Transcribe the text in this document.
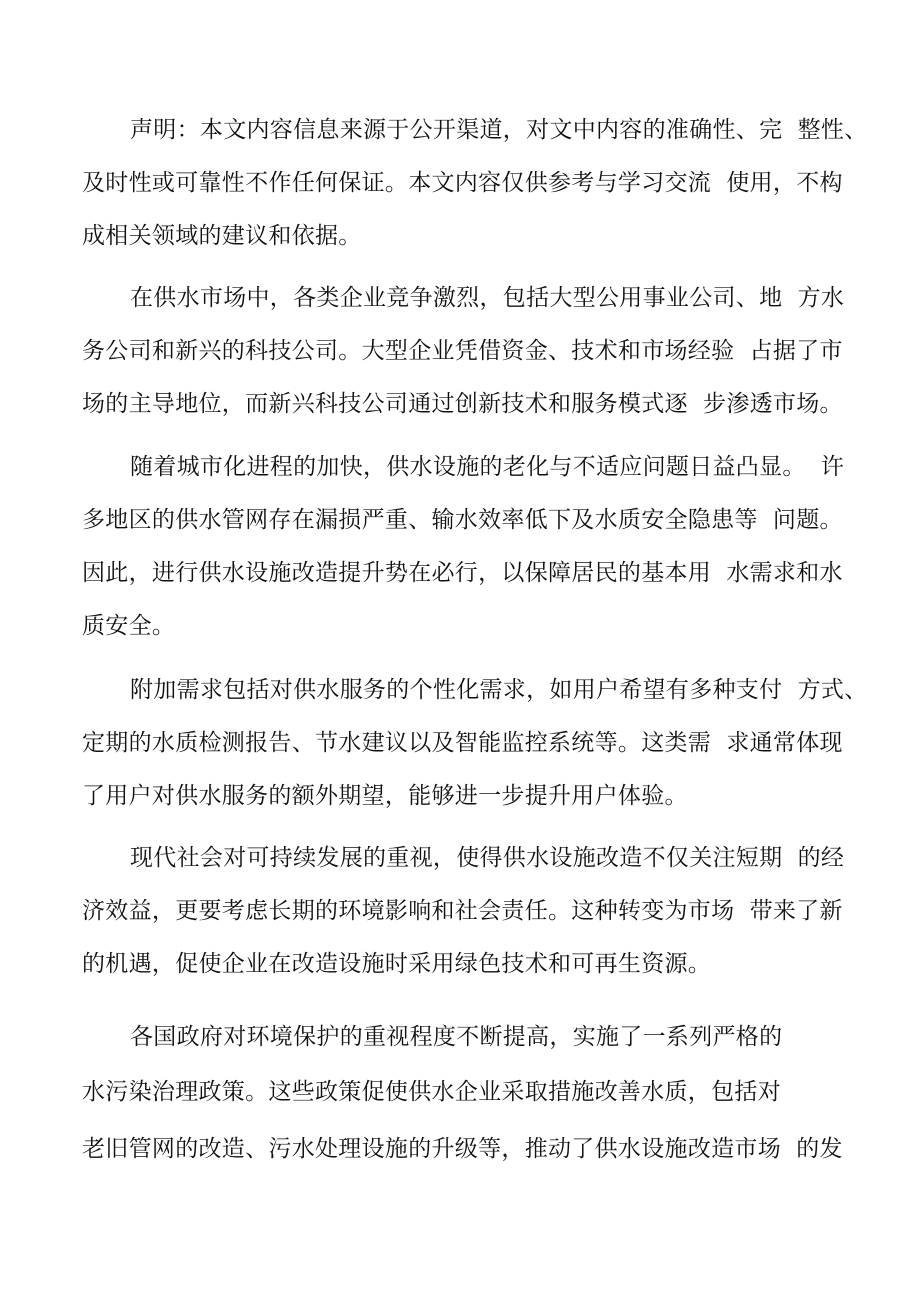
声明：本文内容信息来源于公开渠道，对文中内容的准确性、完  整性、
及时性或可靠性不作任何保证。本文内容仅供参考与学习交流  使用，不构
成相关领域的建议和依据。
在供水市场中，各类企业竞争激烈，包括大型公用事业公司、地  方水
务公司和新兴的科技公司。大型企业凭借资金、技术和市场经验  占据了市
场的主导地位，而新兴科技公司通过创新技术和服务模式逐  步渗透市场。
随着城市化进程的加快，供水设施的老化与不适应问题日益凸显。  许
多地区的供水管网存在漏损严重、输水效率低下及水质安全隐患等  问题。
因此，进行供水设施改造提升势在必行，以保障居民的基本用  水需求和水
质安全。
附加需求包括对供水服务的个性化需求，如用户希望有多种支付  方式、
定期的水质检测报告、节水建议以及智能监控系统等。这类需  求通常体现
了用户对供水服务的额外期望，能够进一步提升用户体验。
现代社会对可持续发展的重视，使得供水设施改造不仅关注短期  的经
济效益，更要考虑长期的环境影响和社会责任。这种转变为市场  带来了新
的机遇，促使企业在改造设施时采用绿色技术和可再生资源。
各国政府对环境保护的重视程度不断提高，实施了一系列严格的
水污染治理政策。这些政策促使供水企业采取措施改善水质，包括对
老旧管网的改造、污水处理设施的升级等，推动了供水设施改造市场  的发
